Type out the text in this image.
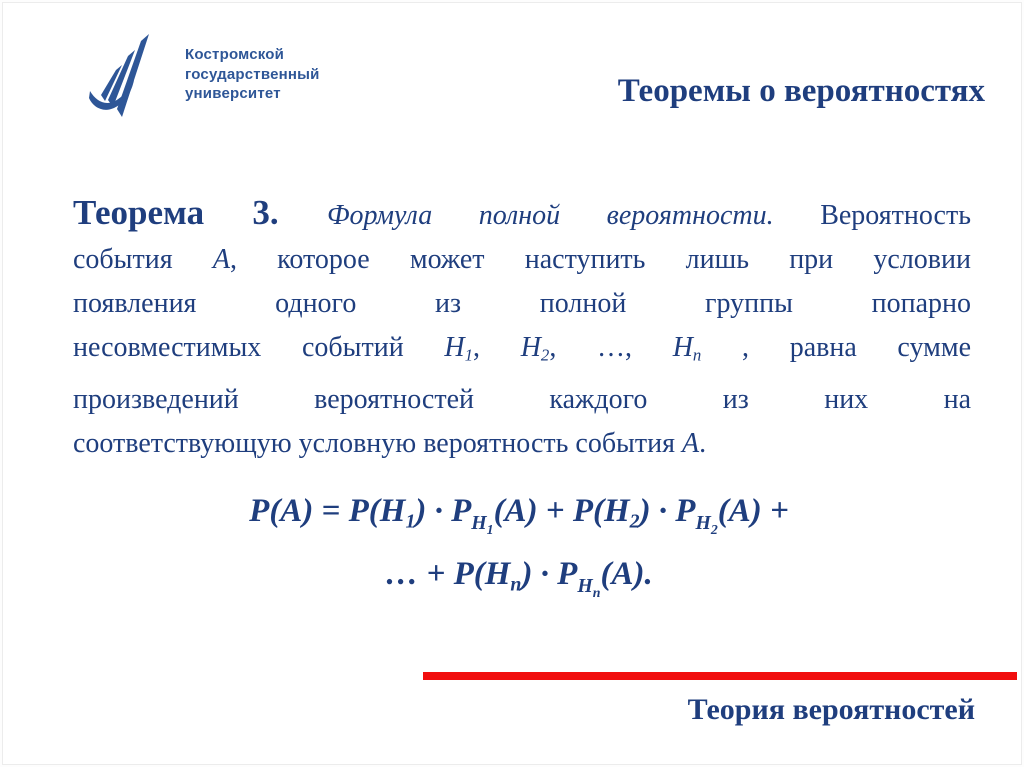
Костромской
государственный
университет	Теоремы о вероятностях
Теорема 3. Формула полной вероятности. Вероятность
события A, которое может наступить лишь при условии
появления одного из полной группы попарно
несовместимых событий H1, H2, …, Hn , равна сумме
произведений вероятностей каждого из них на
соответствующую условную вероятность события A.
$P(A) = P(H1) \cdot P_{H1}(A) + P(H2) \cdot P_{H2}(A)$ +
… + $P(Hn) \cdot P_{Hn}(A)$.
Теория вероятностей
